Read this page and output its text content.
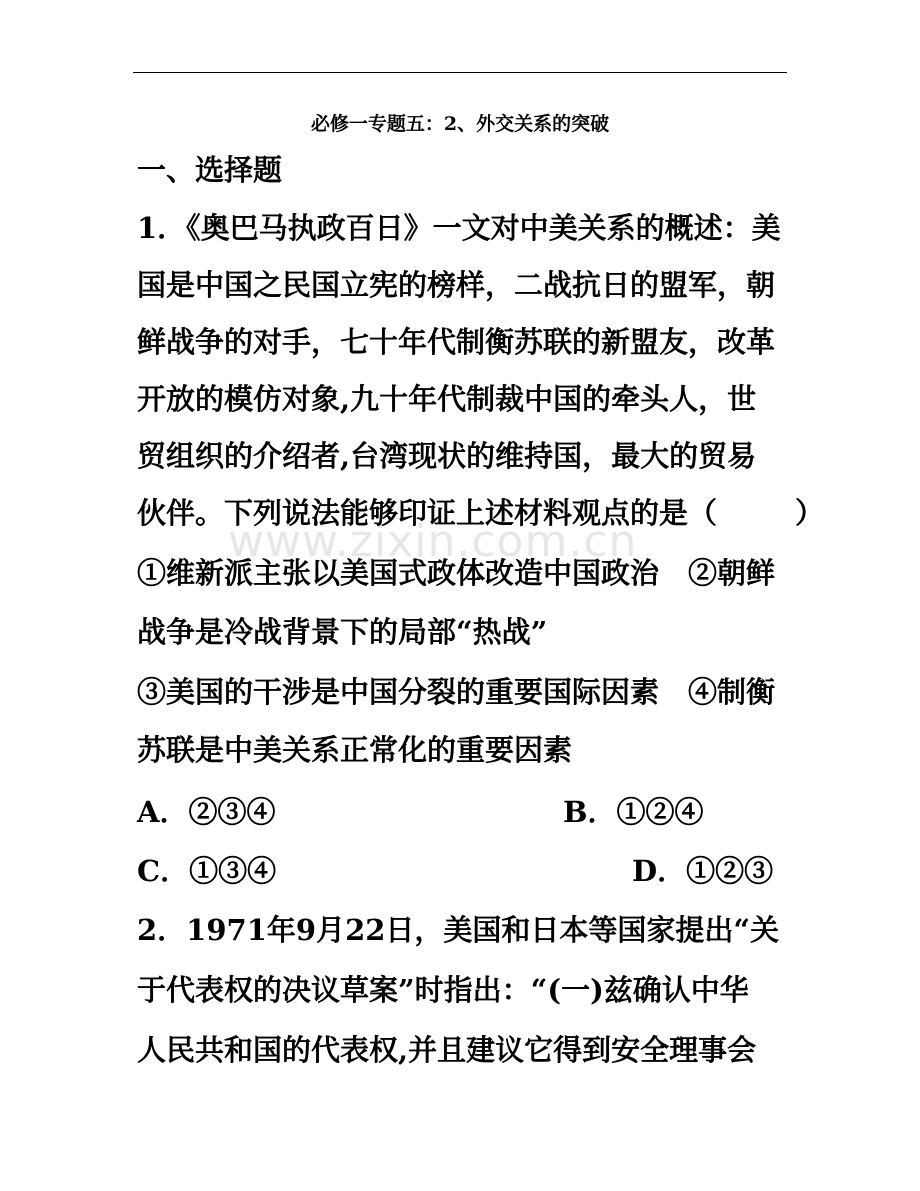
必修一专题五：2、外交关系的突破
一、选择题
www.zixin.com.cn
1．《奥巴马执政百日》一文对中美关系的概述：美
国是中国之民国立宪的榜样，二战抗日的盟军，朝
鲜战争的对手，七十年代制衡苏联的新盟友，改革
开放的模仿对象,九十年代制裁中国的牵头人，世
贸组织的介绍者,台湾现状的维持国，最大的贸易
伙伴。下列说法能够印证上述材料观点的是（	）
①维新派主张以美国式政体改造中国政治　②朝鲜
战争是冷战背景下的局部“热战”
③美国的干涉是中国分裂的重要国际因素　④制衡
苏联是中美关系正常化的重要因素
A．②③④	B．①②④
C．①③④	D．①②③
2．1971年9月22日，美国和日本等国家提出“关
于代表权的决议草案”时指出：“(一)兹确认中华
人民共和国的代表权,并且建议它得到安全理事会
